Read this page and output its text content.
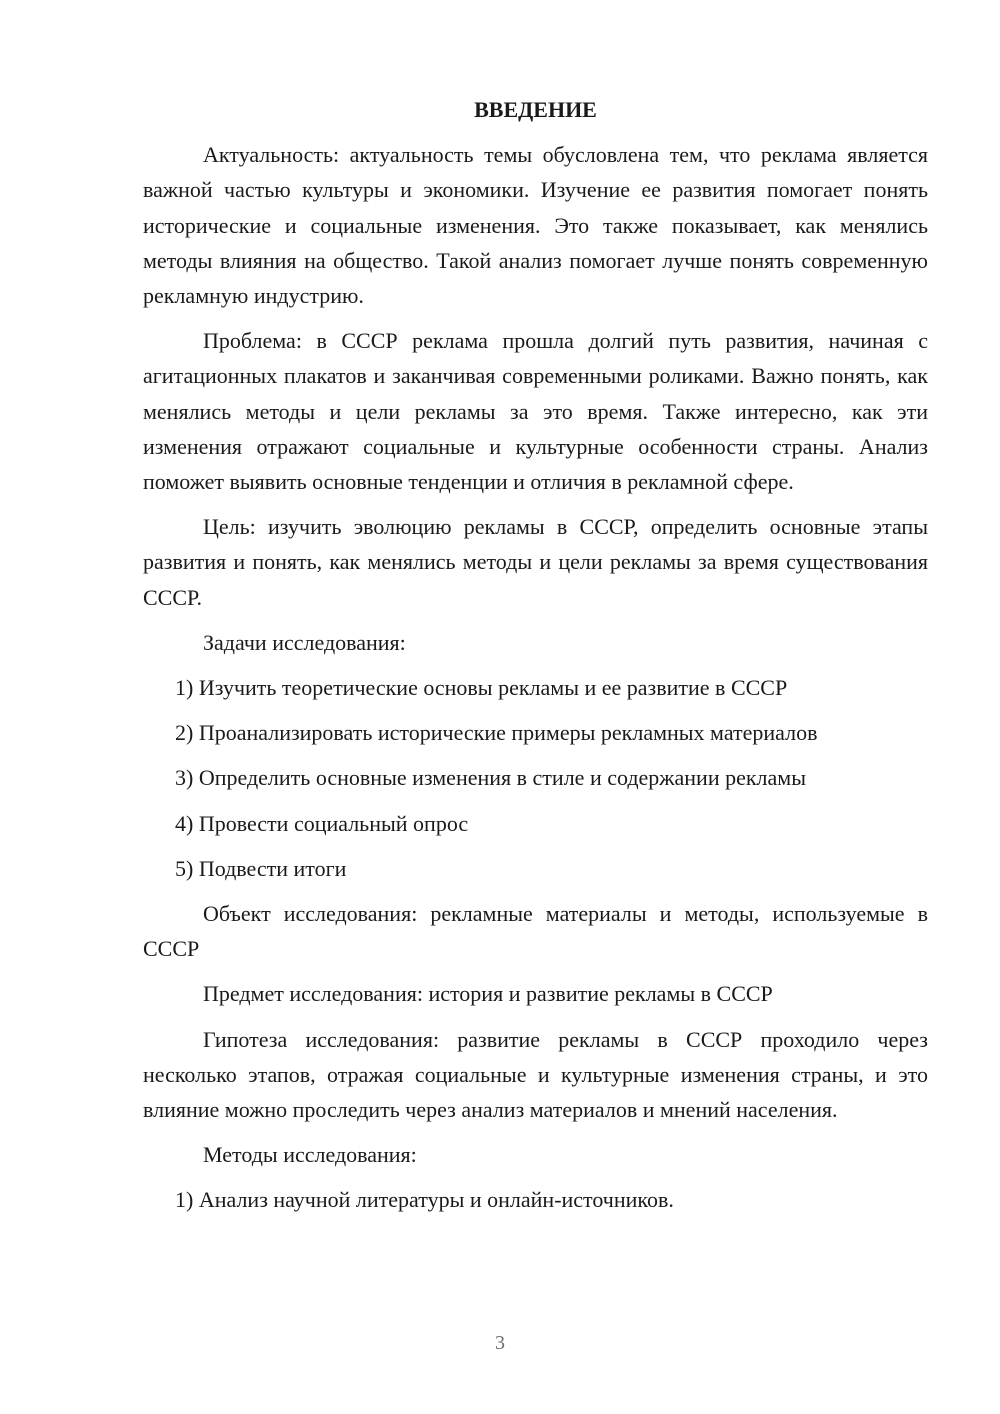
ВВЕДЕНИЕ

Актуальность: актуальность темы обусловлена тем, что реклама является важной частью культуры и экономики. Изучение ее развития помогает понять исторические и социальные изменения. Это также показывает, как менялись методы влияния на общество. Такой анализ помогает лучше понять современную рекламную индустрию.

Проблема: в СССР реклама прошла долгий путь развития, начиная с агитационных плакатов и заканчивая современными роликами. Важно понять, как менялись методы и цели рекламы за это время. Также интересно, как эти изменения отражают социальные и культурные особенности страны. Анализ поможет выявить основные тенденции и отличия в рекламной сфере.

Цель: изучить эволюцию рекламы в СССР, определить основные этапы развития и понять, как менялись методы и цели рекламы за время существования СССР.

Задачи исследования:

1) Изучить теоретические основы рекламы и ее развитие в СССР

2) Проанализировать исторические примеры рекламных материалов

3) Определить основные изменения в стиле и содержании рекламы

4) Провести социальный опрос

5) Подвести итоги

Объект исследования: рекламные материалы и методы, используемые в СССР

Предмет исследования: история и развитие рекламы в СССР

Гипотеза исследования: развитие рекламы в СССР проходило через несколько этапов, отражая социальные и культурные изменения страны, и это влияние можно проследить через анализ материалов и мнений населения.

Методы исследования:

1) Анализ научной литературы и онлайн-источников.

3
